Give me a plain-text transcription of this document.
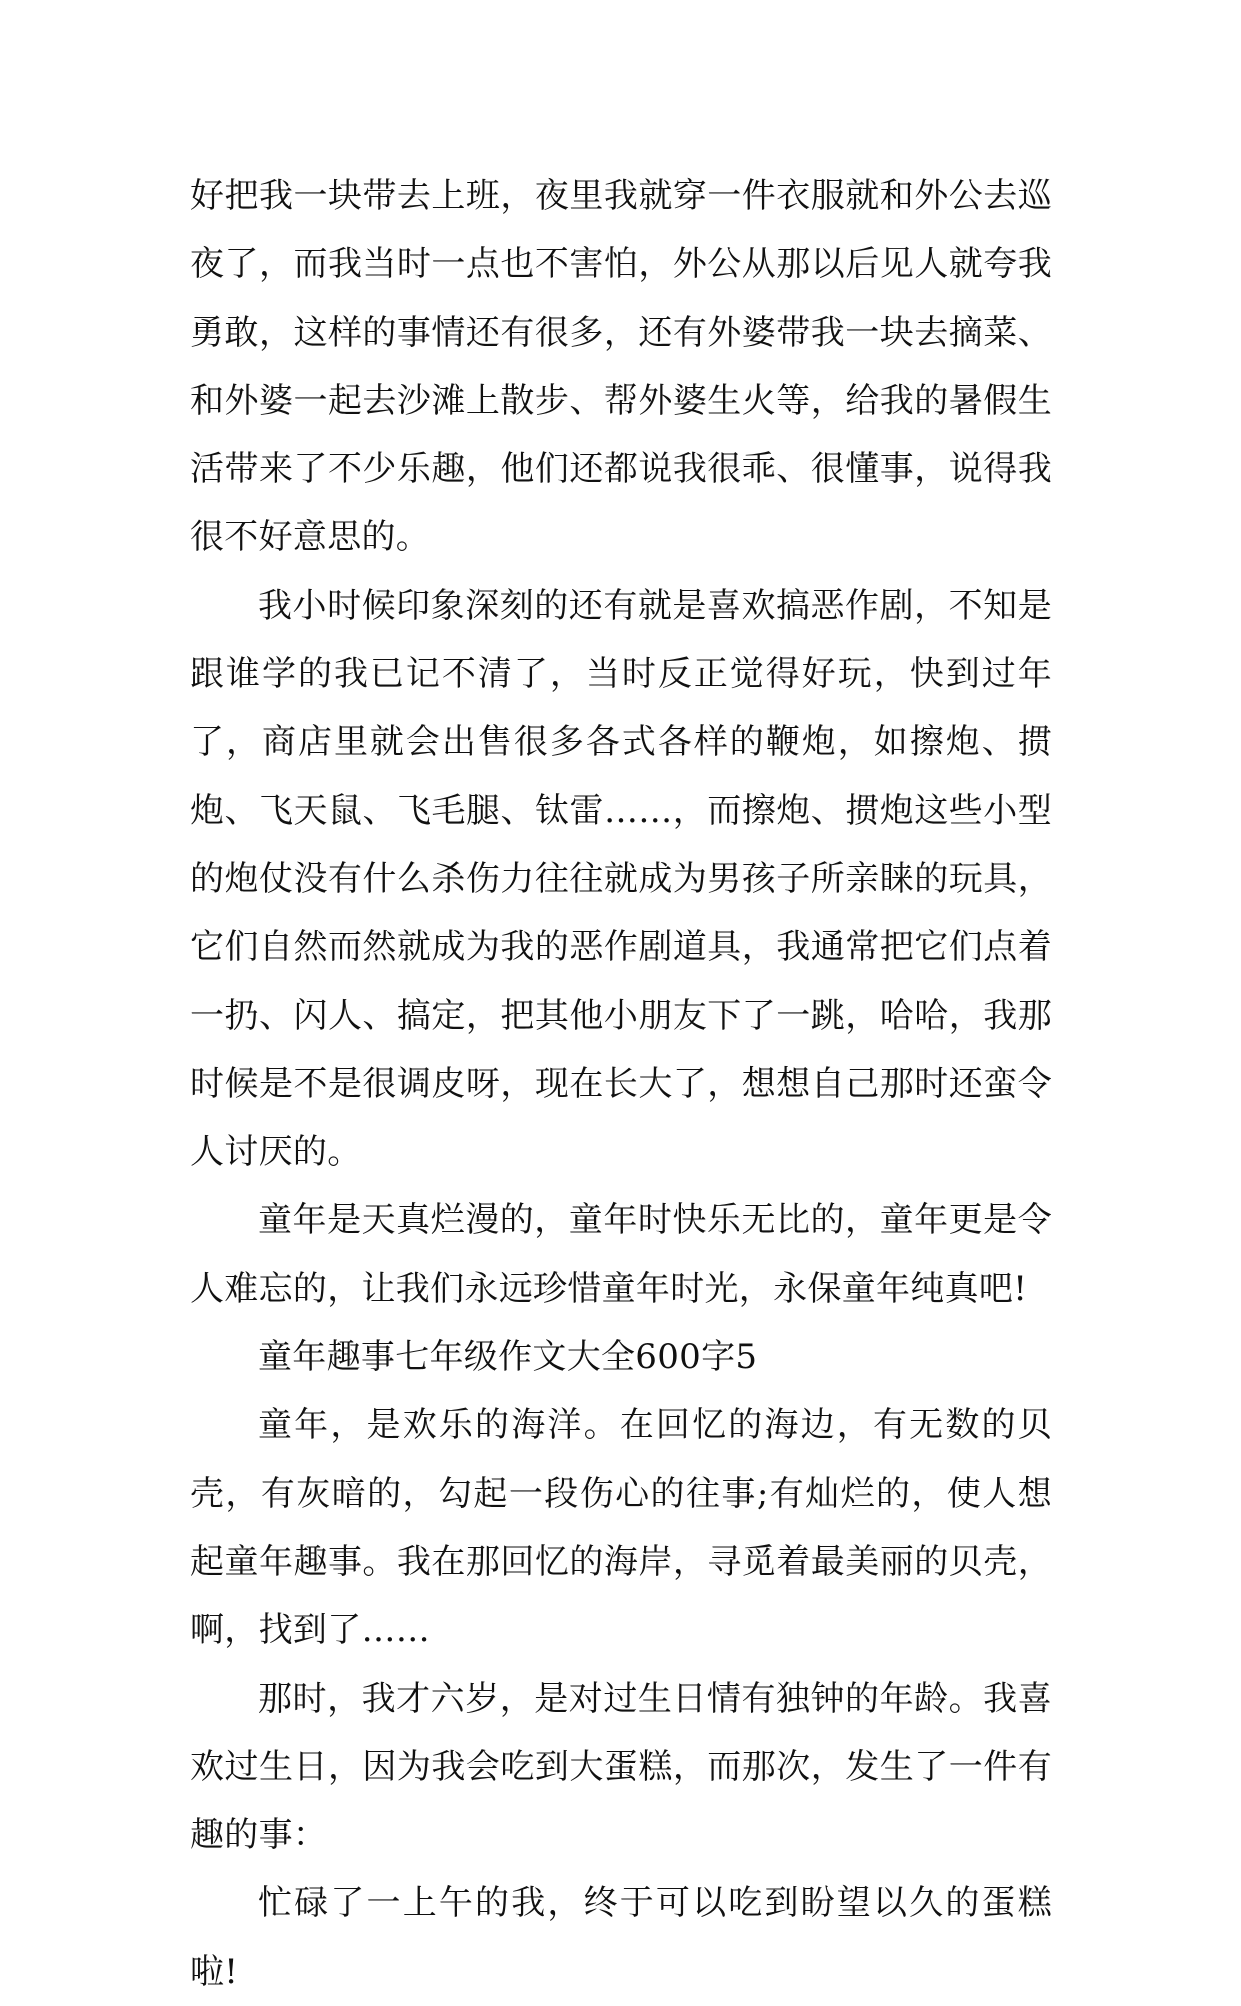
好把我一块带去上班，夜里我就穿一件衣服就和外公去巡夜了，而我当时一点也不害怕，外公从那以后见人就夸我勇敢，这样的事情还有很多，还有外婆带我一块去摘菜、和外婆一起去沙滩上散步、帮外婆生火等，给我的暑假生活带来了不少乐趣，他们还都说我很乖、很懂事，说得我很不好意思的。

我小时候印象深刻的还有就是喜欢搞恶作剧，不知是跟谁学的我已记不清了，当时反正觉得好玩，快到过年了，商店里就会出售很多各式各样的鞭炮，如擦炮、掼炮、飞天鼠、飞毛腿、钛雷……，而擦炮、掼炮这些小型的炮仗没有什么杀伤力往往就成为男孩子所亲睐的玩具，它们自然而然就成为我的恶作剧道具，我通常把它们点着一扔、闪人、搞定，把其他小朋友下了一跳，哈哈，我那时候是不是很调皮呀，现在长大了，想想自己那时还蛮令人讨厌的。

童年是天真烂漫的，童年时快乐无比的，童年更是令人难忘的，让我们永远珍惜童年时光，永保童年纯真吧!

童年趣事七年级作文大全600字5

童年，是欢乐的海洋。在回忆的海边，有无数的贝壳，有灰暗的，勾起一段伤心的往事;有灿烂的，使人想起童年趣事。我在那回忆的海岸，寻觅着最美丽的贝壳，啊，找到了……

那时，我才六岁，是对过生日情有独钟的年龄。我喜欢过生日，因为我会吃到大蛋糕，而那次，发生了一件有趣的事：

忙碌了一上午的我，终于可以吃到盼望以久的蛋糕啦!
